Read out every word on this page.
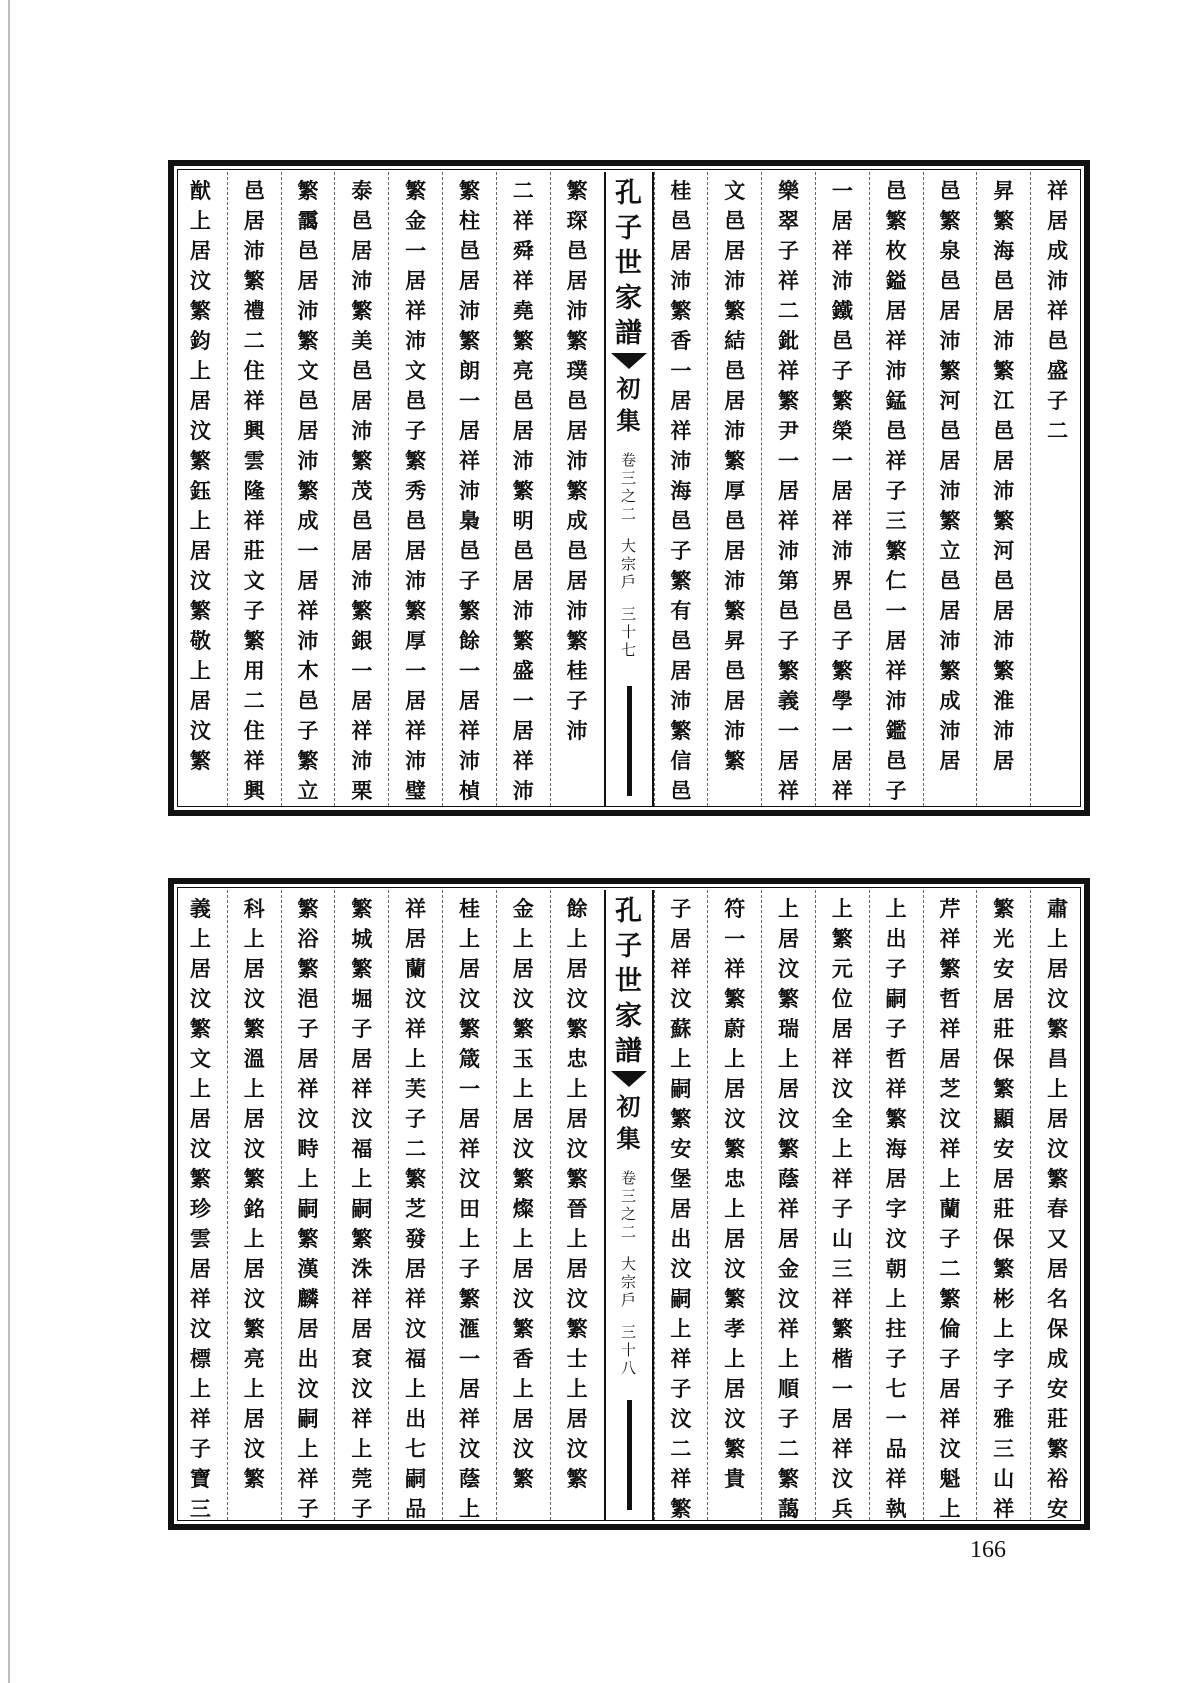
祥
居
成
沛
祥
邑
盛
子
二
昇
繁
海
邑
居
沛
繁
江
邑
居
沛
繁
河
邑
居
沛
繁
淮
沛
居
邑
繁
泉
邑
居
沛
繁
河
邑
居
沛
繁
立
邑
居
沛
繁
成
沛
居
邑
繁
枚
鎰
居
祥
沛
錳
邑
祥
子
三
繁
仁
一
居
祥
沛
鑑
邑
子
一
居
祥
沛
鐵
邑
子
繁
榮
一
居
祥
沛
界
邑
子
繁
學
一
居
祥
樂
翠
子
祥
二
鈚
祥
繁
尹
一
居
祥
沛
第
邑
子
繁
義
一
居
祥
文
邑
居
沛
繁
結
邑
居
沛
繁
厚
邑
居
沛
繁
昇
邑
居
沛
繁
桂
邑
居
沛
繁
香
一
居
祥
沛
海
邑
子
繁
有
邑
居
沛
繁
信
邑
孔
子
世
家
譜
初
集
卷
三
之
二
大
宗
戶
三
十
七
繁
琛
邑
居
沛
繁
璞
邑
居
沛
繁
成
邑
居
沛
繁
桂
子
沛
二
祥
舜
祥
堯
繁
亮
邑
居
沛
繁
明
邑
居
沛
繁
盛
一
居
祥
沛
繁
柱
邑
居
沛
繁
朗
一
居
祥
沛
梟
邑
子
繁
餘
一
居
祥
沛
楨
繁
金
一
居
祥
沛
文
邑
子
繁
秀
邑
居
沛
繁
厚
一
居
祥
沛
璧
泰
邑
居
沛
繁
美
邑
居
沛
繁
茂
邑
居
沛
繁
銀
一
居
祥
沛
栗
繁
靄
邑
居
沛
繁
文
邑
居
沛
繁
成
一
居
祥
沛
木
邑
子
繁
立
邑
居
沛
繁
禮
二
住
祥
興
雲
隆
祥
莊
文
子
繁
用
二
住
祥
興
猷
上
居
汶
繁
鈞
上
居
汶
繁
鈺
上
居
汶
繁
敬
上
居
汶
繁
肅
上
居
汶
繁
昌
上
居
汶
繁
春
又
居
名
保
成
安
莊
繁
裕
安
繁
光
安
居
莊
保
繁
顯
安
居
莊
保
繁
彬
上
字
子
雅
三
山
祥
芹
祥
繁
哲
祥
居
芝
汶
祥
上
蘭
子
二
繁
倫
子
居
祥
汶
魁
上
上
出
子
嗣
子
哲
祥
繁
海
居
字
汶
朝
上
拄
子
七
一
品
祥
執
上
繁
元
位
居
祥
汶
全
上
祥
子
山
三
祥
繁
楷
一
居
祥
汶
兵
上
居
汶
繁
瑞
上
居
汶
繁
蔭
祥
居
金
汶
祥
上
順
子
二
繁
藹
符
一
祥
繁
蔚
上
居
汶
繁
忠
上
居
汶
繁
孝
上
居
汶
繁
貴
子
居
祥
汶
蘇
上
嗣
繁
安
堡
居
出
汶
嗣
上
祥
子
汶
二
祥
繁
孔
子
世
家
譜
初
集
卷
三
之
二
大
宗
戶
三
十
八
餘
上
居
汶
繁
忠
上
居
汶
繁
晉
上
居
汶
繁
士
上
居
汶
繁
金
上
居
汶
繁
玉
上
居
汶
繁
燦
上
居
汶
繁
香
上
居
汶
繁
桂
上
居
汶
繁
箴
一
居
祥
汶
田
上
子
繁
滙
一
居
祥
汶
蔭
上
祥
居
蘭
汶
祥
上
芙
子
二
繁
芝
發
居
祥
汶
福
上
出
七
嗣
品
繁
城
繁
堀
子
居
祥
汶
福
上
嗣
繁
洙
祥
居
袞
汶
祥
上
莞
子
繁
浴
繁
浥
子
居
祥
汶
畤
上
嗣
繁
漢
麟
居
出
汶
嗣
上
祥
子
科
上
居
汶
繁
溫
上
居
汶
繁
銘
上
居
汶
繁
亮
上
居
汶
繁
義
上
居
汶
繁
文
上
居
汶
繁
珍
雲
居
祥
汶
標
上
祥
子
寶
三
166
